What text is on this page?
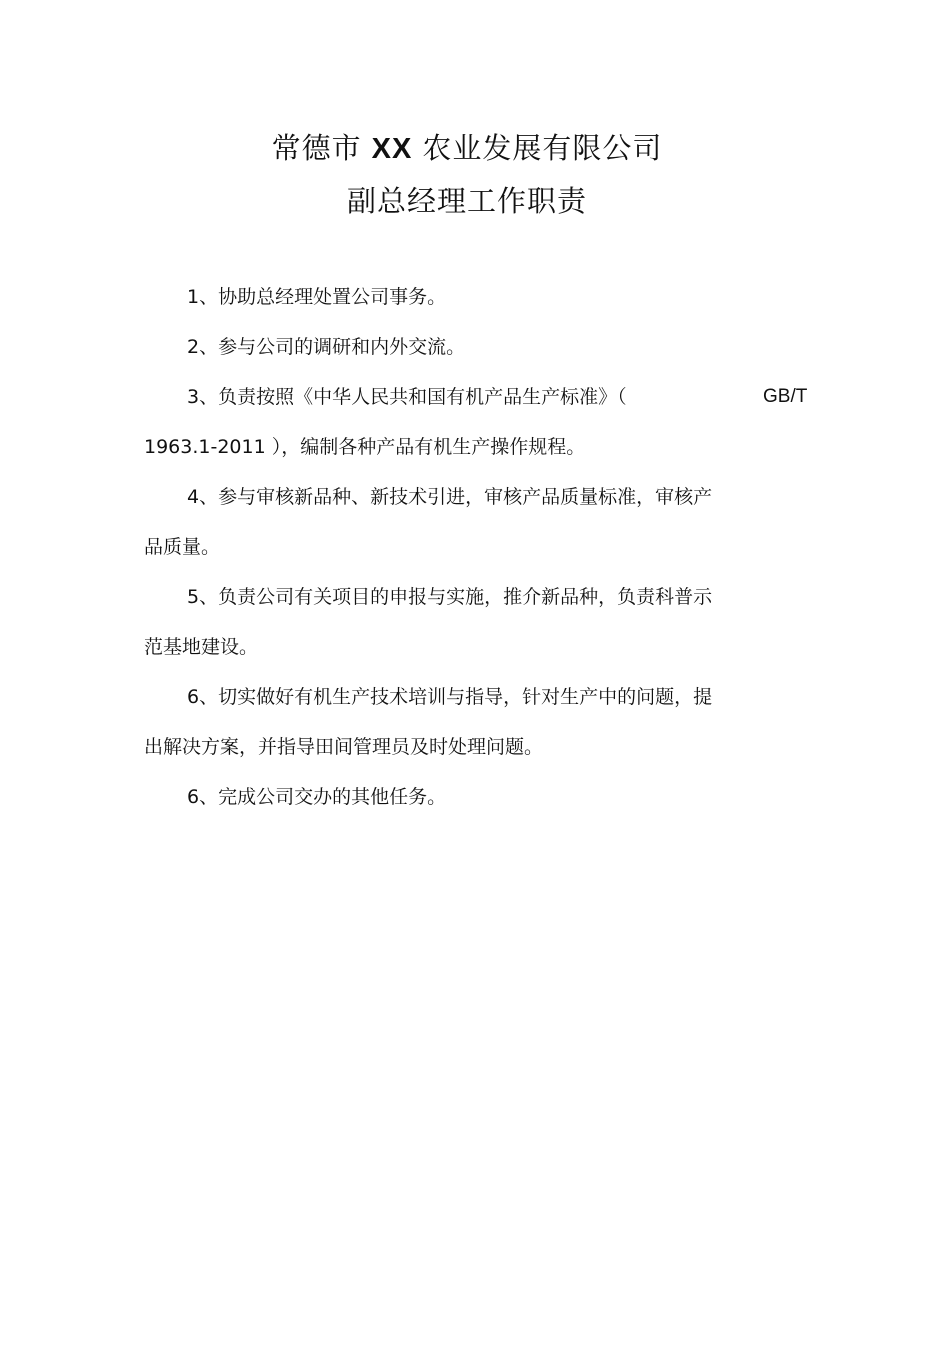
常德市 XX 农业发展有限公司
副总经理工作职责

1、协助总经理处置公司事务。

2、参与公司的调研和内外交流。

3、负责按照《中华人民共和国有机产品生产标准》（	GB/T

1963.1-2011 ），编制各种产品有机生产操作规程。

4、参与审核新品种、新技术引进，审核产品质量标准，审核产

品质量。

5、负责公司有关项目的申报与实施，推介新品种，负责科普示

范基地建设。

6、切实做好有机生产技术培训与指导，针对生产中的问题，提

出解决方案，并指导田间管理员及时处理问题。

6、完成公司交办的其他任务。
